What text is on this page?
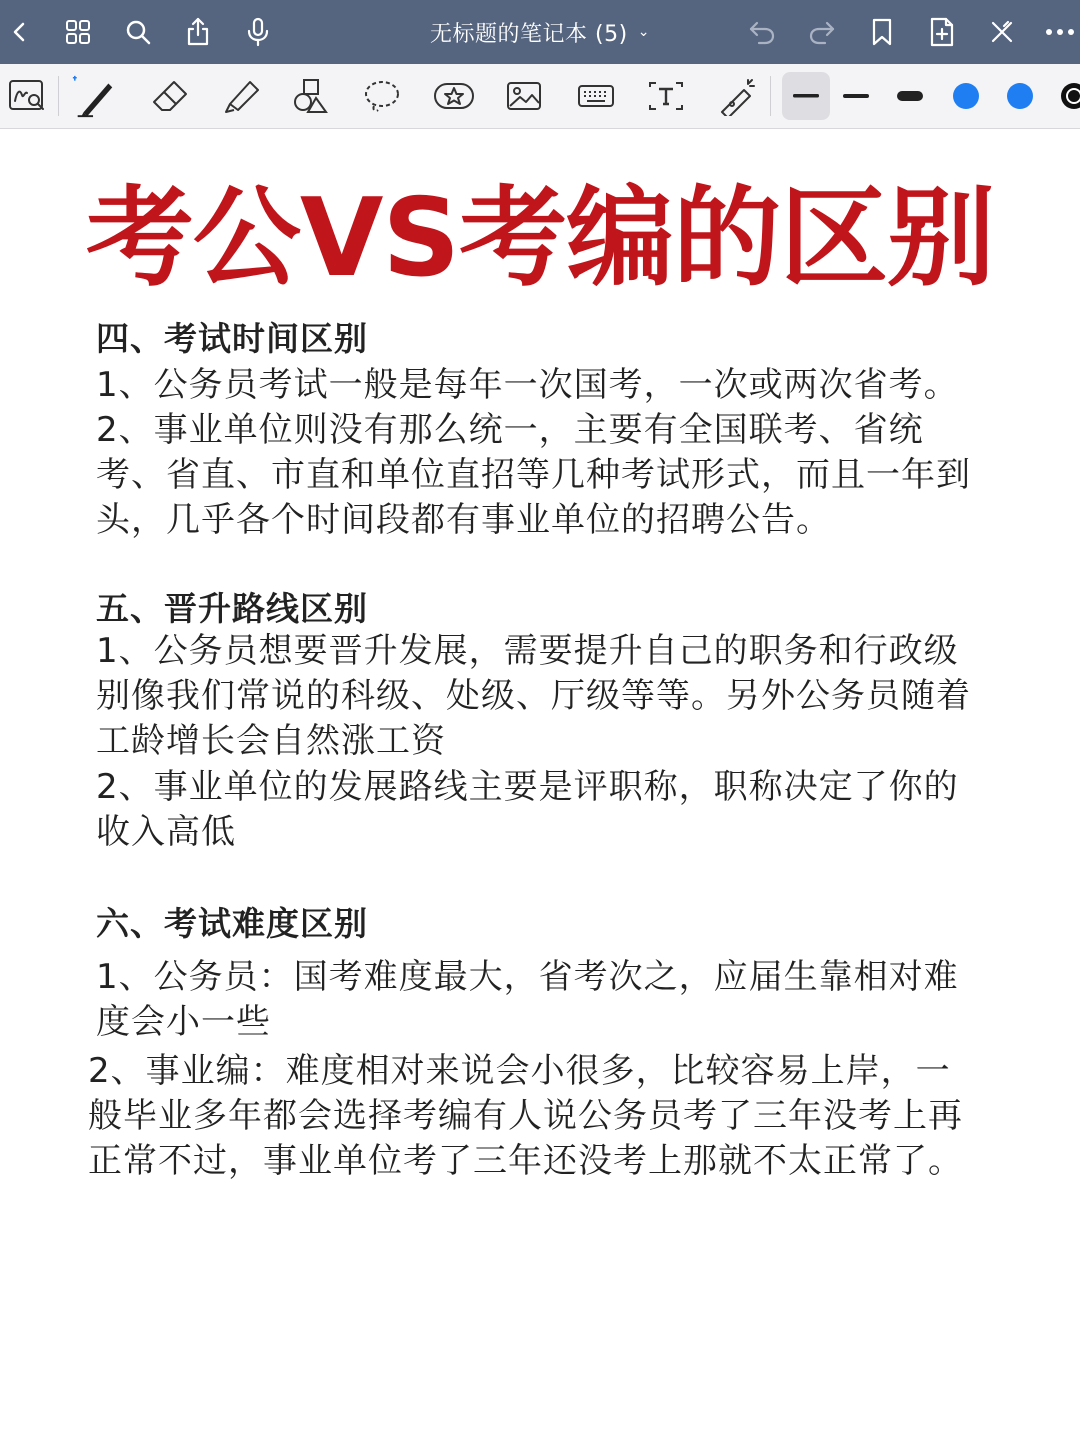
无标题的笔记本 (5) ⌄
考公VS考编的区别
四、考试时间区别
1、公务员考试一般是每年一次国考，一次或两次省考。
2、事业单位则没有那么统一，主要有全国联考、省统考、省直、市直和单位直招等几种考试形式，而且一年到头，几乎各个时间段都有事业单位的招聘公告。
五、晋升路线区别
1、公务员想要晋升发展，需要提升自己的职务和行政级别像我们常说的科级、处级、厅级等等。另外公务员随着工龄增长会自然涨工资
2、事业单位的发展路线主要是评职称，职称决定了你的收入高低
六、考试难度区别
1、公务员：国考难度最大，省考次之，应届生靠相对难度会小一些
2、事业编：难度相对来说会小很多，比较容易上岸，一般毕业多年都会选择考编有人说公务员考了三年没考上再正常不过，事业单位考了三年还没考上那就不太正常了。
